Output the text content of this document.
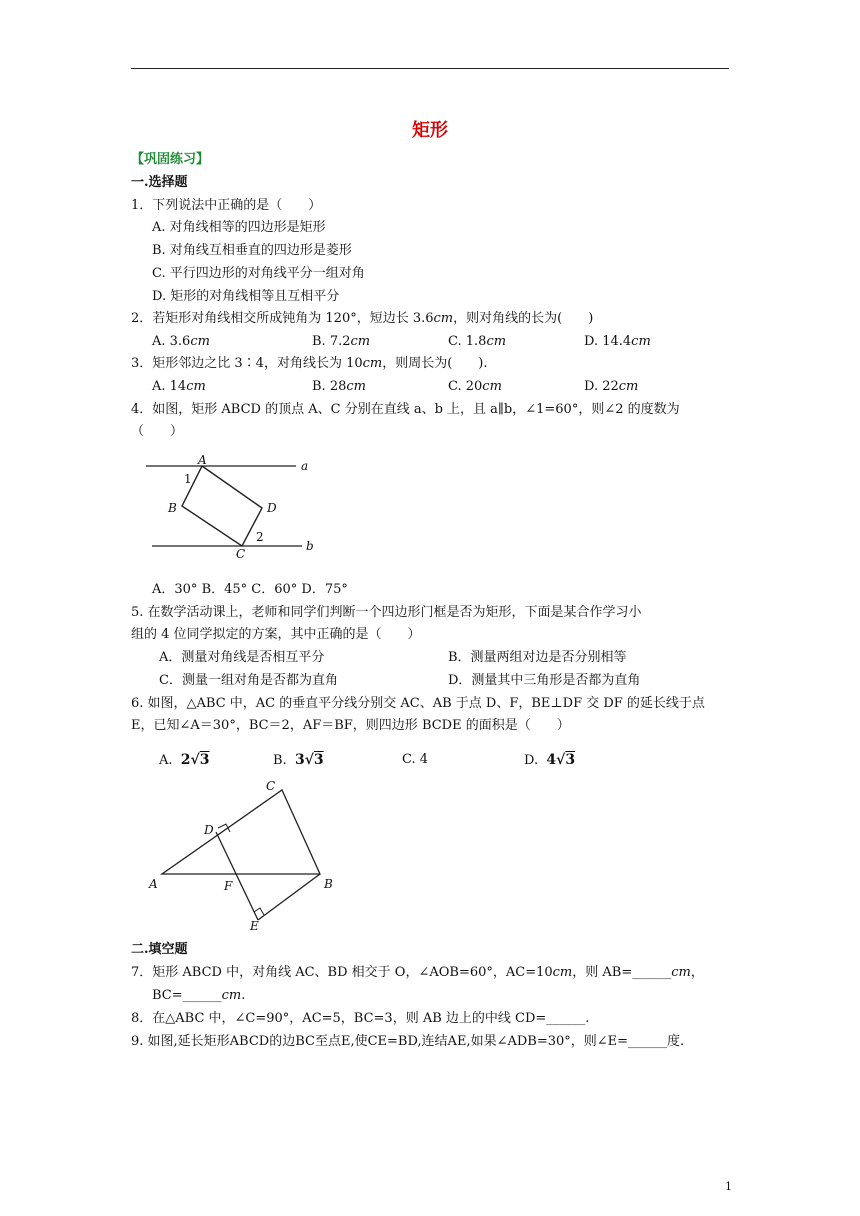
矩形
【巩固练习】
一.选择题
1．下列说法中正确的是（　　）
A. 对角线相等的四边形是矩形
B. 对角线互相垂直的四边形是菱形
C. 平行四边形的对角线平分一组对角
D. 矩形的对角线相等且互相平分
2．若矩形对角线相交所成钝角为 120°，短边长 3.6cm，则对角线的长为(　　)
A. 3.6cm	B. 7.2cm	C. 1.8cm	D. 14.4cm
3．矩形邻边之比 3∶4，对角线长为 10cm，则周长为(　　).
A. 14cm	B. 28cm	C. 20cm	D. 22cm
4．如图，矩形 ABCD 的顶点 A、C 分别在直线 a、b 上，且 a∥b，∠1=60°，则∠2 的度数为
（　　）
A
B
C
D
a
b
1
2
A．30° B．45° C．60° D．75°
5. 在数学活动课上，老师和同学们判断一个四边形门框是否为矩形，下面是某合作学习小
组的 4 位同学拟定的方案，其中正确的是（　　）
A．测量对角线是否相互平分	B．测量两组对边是否分别相等
C．测量一组对角是否都为直角	D．测量其中三角形是否都为直角
6. 如图，△ABC 中，AC 的垂直平分线分别交 AC、AB 于点 D、F，BE⊥DF 交 DF 的延长线于点
E，已知∠A＝30°，BC＝2，AF＝BF，则四边形 BCDE 的面积是（　　）
A. 2√3	B. 3√3	C. 4	D. 4√3
A	B
C
D
E
F
二.填空题
7．矩形 ABCD 中，对角线 AC、BD 相交于 O，∠AOB=60°，AC=10cm，则 AB=______cm，
BC=______cm.
8．在△ABC 中，∠C=90°，AC=5，BC=3，则 AB 边上的中线 CD=______.
9. 如图,延长矩形ABCD的边BC至点E,使CE=BD,连结AE,如果∠ADB=30°，则∠E=______度.
1
